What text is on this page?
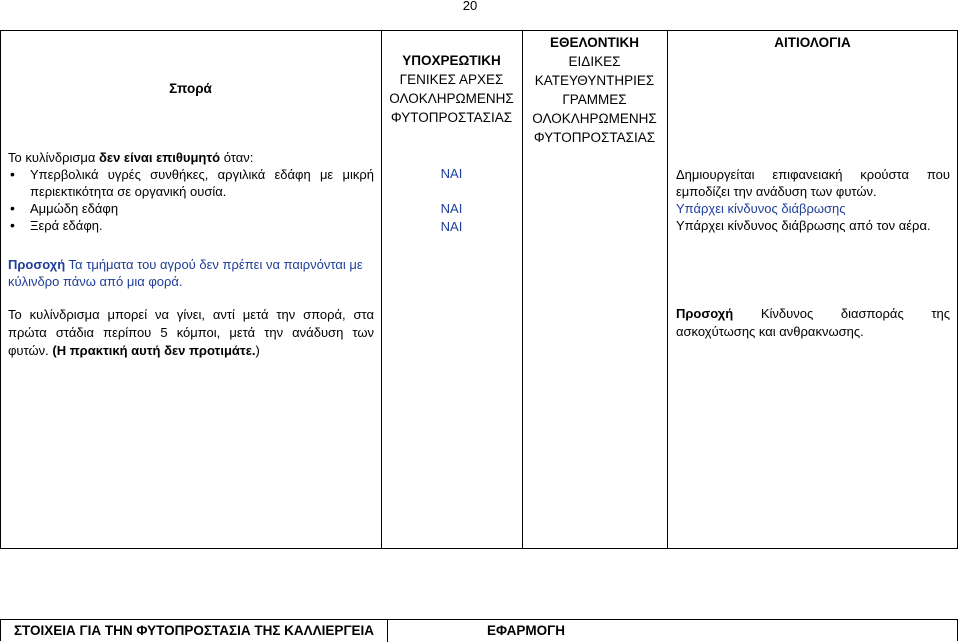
20
Σπορά
ΥΠΟΧΡΕΩΤΙΚΗ
ΓΕΝΙΚΕΣ ΑΡΧΕΣ
ΟΛΟΚΛΗΡΩΜΕΝΗΣ
ΦΥΤΟΠΡΟΣΤΑΣΙΑΣ
ΕΘΕΛΟΝΤΙΚΗ
ΕΙΔΙΚΕΣ
ΚΑΤΕΥΘΥΝΤΗΡΙΕΣ
ΓΡΑΜΜΕΣ
ΟΛΟΚΛΗΡΩΜΕΝΗΣ
ΦΥΤΟΠΡΟΣΤΑΣΙΑΣ
ΑΙΤΙΟΛΟΓΙΑ
Το κυλίνδρισμα δεν είναι επιθυμητό όταν:
• Υπερβολικά υγρές συνθήκες, αργιλικά εδάφη με μικρή περιεκτικότητα σε οργανική ουσία.
• Αμμώδη εδάφη
• Ξερά εδάφη.
ΝΑΙ
ΝΑΙ
ΝΑΙ
Δημιουργείται επιφανειακή κρούστα που εμποδίζει την ανάδυση των φυτών.
Υπάρχει κίνδυνος διάβρωσης
Υπάρχει κίνδυνος διάβρωσης από τον αέρα.
Προσοχή Τα τμήματα του αγρού δεν πρέπει να παιρνόνται με κύλινδρο πάνω από μια φορά.
Το κυλίνδρισμα μπορεί να γίνει, αντί μετά την σπορά, στα πρώτα στάδια περίπου 5 κόμποι, μετά την ανάδυση των φυτών. (Η πρακτική αυτή δεν προτιμάτε.)
Προσοχή Κίνδυνος διασποράς της ασκοχύτωσης και ανθρακνωσης.
ΣΤΟΙΧΕΙΑ ΓΙΑ ΤΗΝ ΦΥΤΟΠΡΟΣΤΑΣΙΑ ΤΗΣ ΚΑΛΛΙΕΡΓΕΙΑ	ΕΦΑΡΜΟΓΗ
